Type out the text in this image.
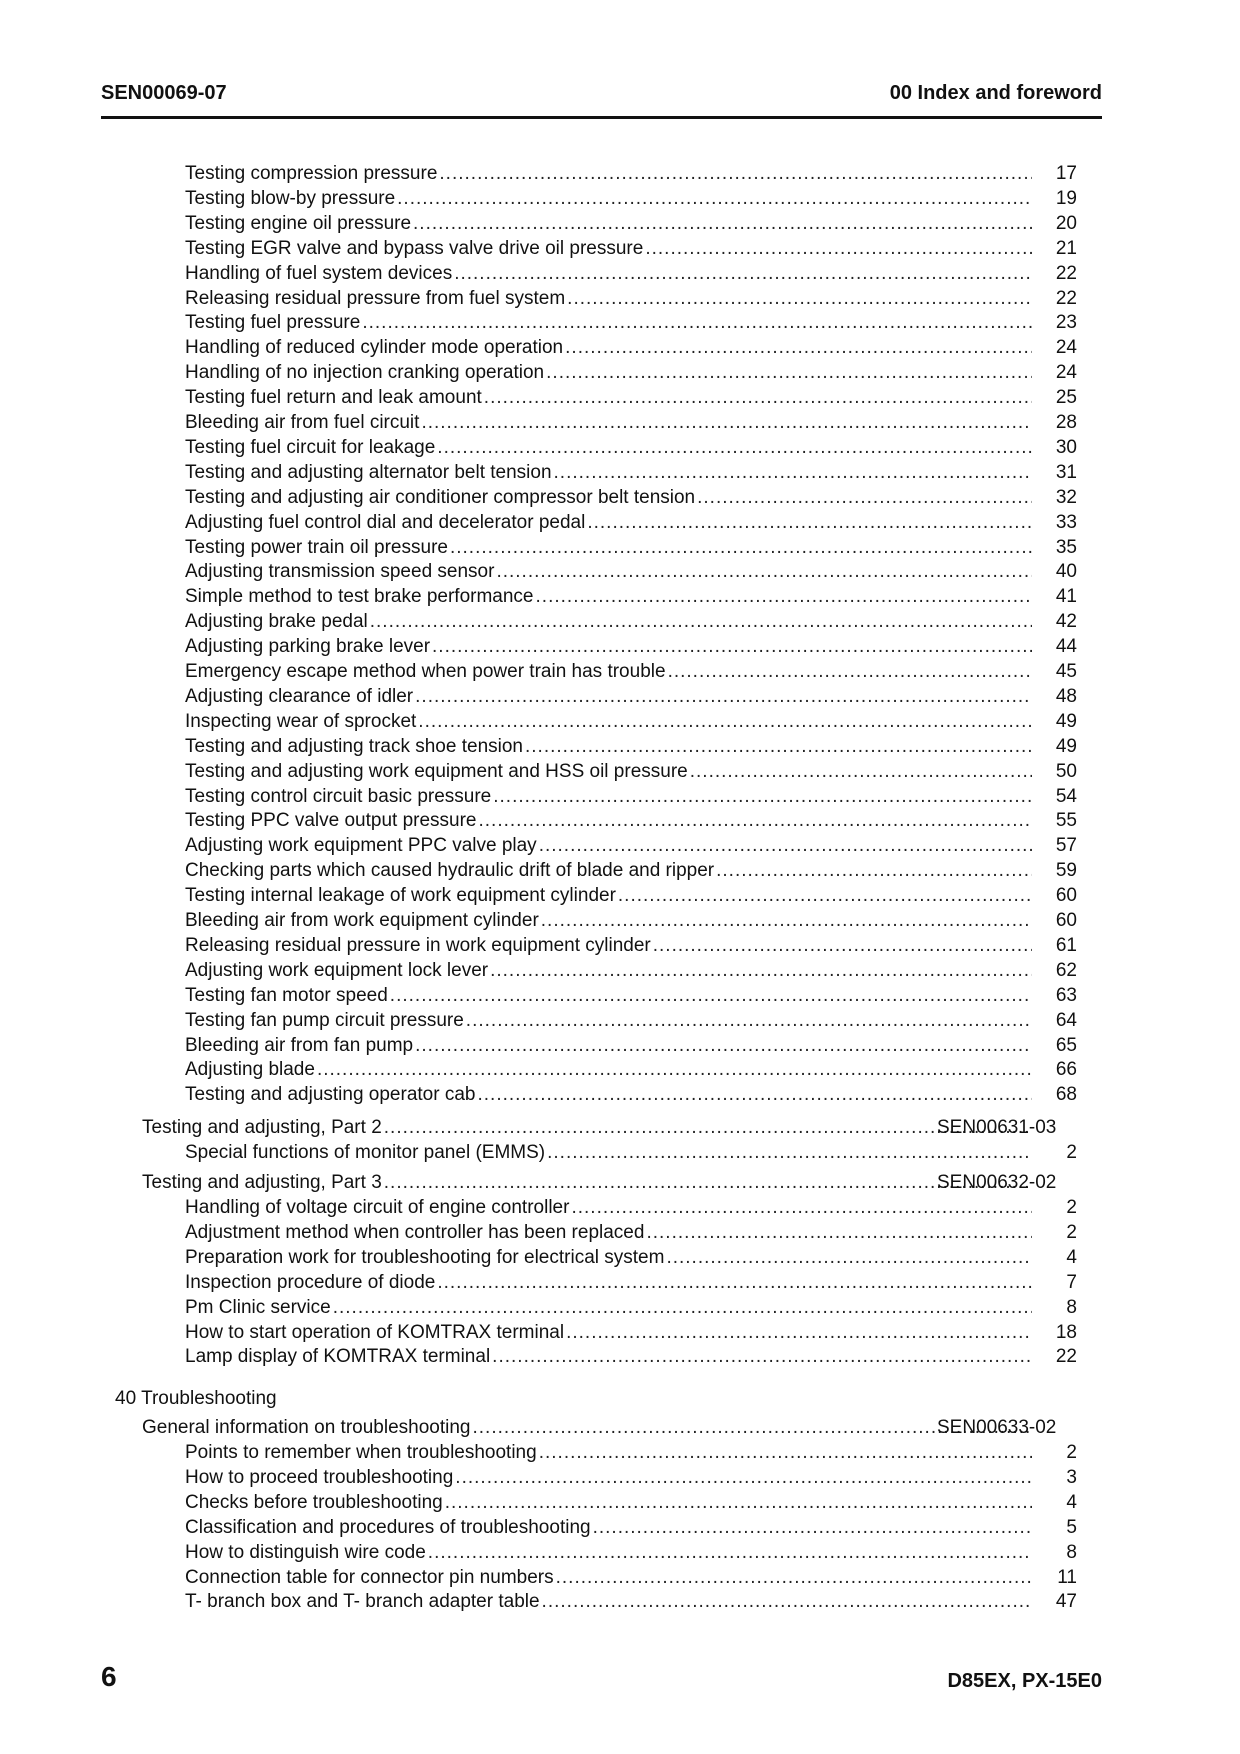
SEN00069-07	00 Index and foreword
Testing compression pressure .....	17
Testing blow-by pressure .....	19
Testing engine oil pressure .....	20
Testing EGR valve and bypass valve drive oil pressure .....	21
Handling of fuel system devices .....	22
Releasing residual pressure from fuel system .....	22
Testing fuel pressure .....	23
Handling of reduced cylinder mode operation .....	24
Handling of no injection cranking operation .....	24
Testing fuel return and leak amount .....	25
Bleeding air from fuel circuit .....	28
Testing fuel circuit for leakage .....	30
Testing and adjusting alternator belt tension .....	31
Testing and adjusting air conditioner compressor belt tension .....	32
Adjusting fuel control dial and decelerator pedal .....	33
Testing power train oil pressure .....	35
Adjusting transmission speed sensor .....	40
Simple method to test brake performance .....	41
Adjusting brake pedal .....	42
Adjusting parking brake lever .....	44
Emergency escape method when power train has trouble .....	45
Adjusting clearance of idler .....	48
Inspecting wear of sprocket .....	49
Testing and adjusting track shoe tension .....	49
Testing and adjusting work equipment and HSS oil pressure .....	50
Testing control circuit basic pressure .....	54
Testing PPC valve output pressure .....	55
Adjusting work equipment PPC valve play .....	57
Checking parts which caused hydraulic drift of blade and ripper .....	59
Testing internal leakage of work equipment cylinder .....	60
Bleeding air from work equipment cylinder .....	60
Releasing residual pressure in work equipment cylinder .....	61
Adjusting work equipment lock lever .....	62
Testing fan motor speed .....	63
Testing fan pump circuit pressure .....	64
Bleeding air from fan pump .....	65
Adjusting blade .....	66
Testing and adjusting operator cab .....	68
Testing and adjusting, Part 2 .....	SEN00631-03
Special functions of monitor panel (EMMS) .....	2
Testing and adjusting, Part 3 .....	SEN00632-02
Handling of voltage circuit of engine controller .....	2
Adjustment method when controller has been replaced .....	2
Preparation work for troubleshooting for electrical system .....	4
Inspection procedure of diode .....	7
Pm Clinic service .....	8
How to start operation of KOMTRAX terminal .....	18
Lamp display of KOMTRAX terminal .....	22
40 Troubleshooting
General information on troubleshooting .....	SEN00633-02
Points to remember when troubleshooting .....	2
How to proceed troubleshooting .....	3
Checks before troubleshooting .....	4
Classification and procedures of troubleshooting .....	5
How to distinguish wire code .....	8
Connection table for connector pin numbers .....	11
T- branch box and T- branch adapter table .....	47
6	D85EX, PX-15E0
